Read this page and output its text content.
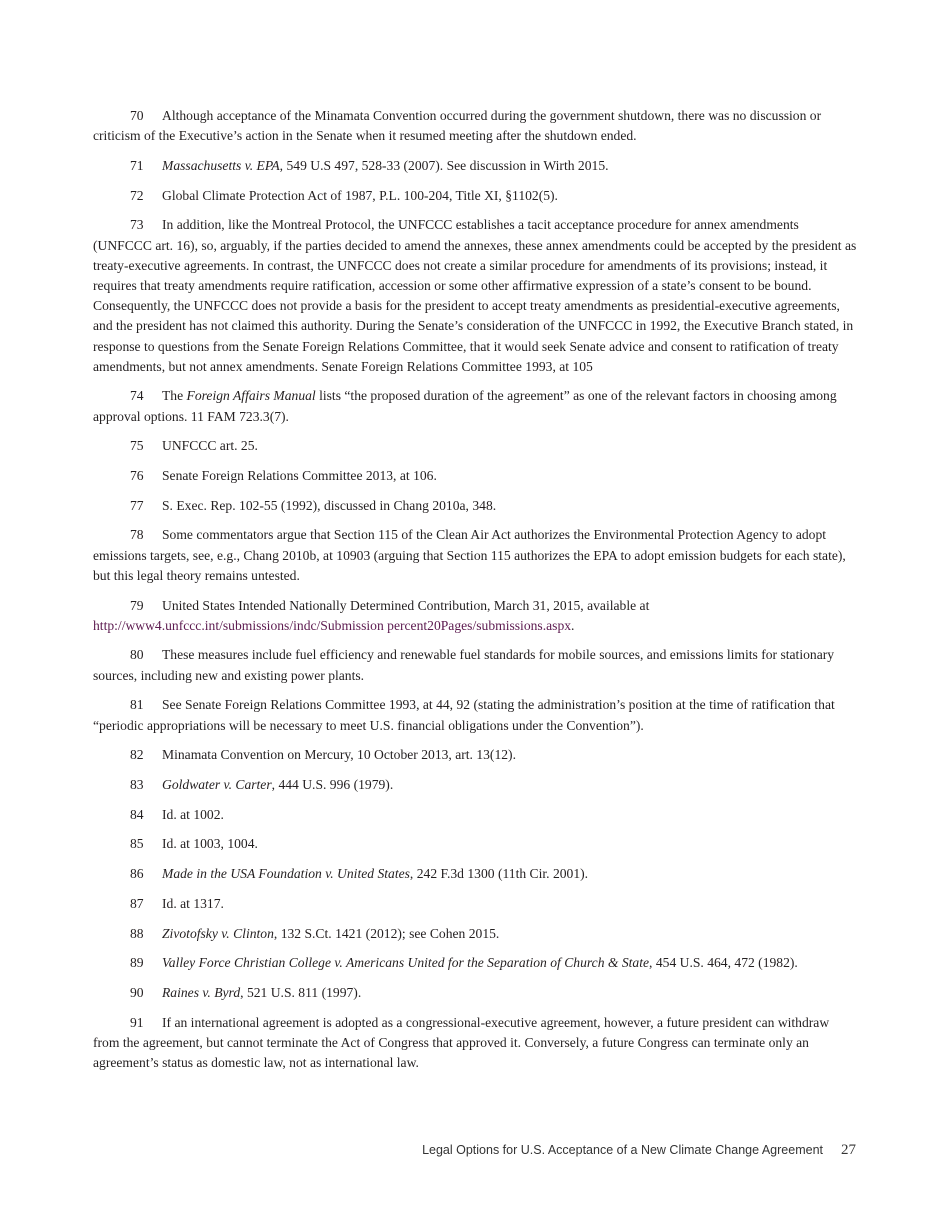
70 Although acceptance of the Minamata Convention occurred during the government shutdown, there was no discussion or criticism of the Executive’s action in the Senate when it resumed meeting after the shutdown ended.

71 Massachusetts v. EPA, 549 U.S 497, 528-33 (2007). See discussion in Wirth 2015.

72 Global Climate Protection Act of 1987, P.L. 100-204, Title XI, §1102(5).

73 In addition, like the Montreal Protocol, the UNFCCC establishes a tacit acceptance procedure for annex amendments (UNFCCC art. 16), so, arguably, if the parties decided to amend the annexes, these annex amendments could be accepted by the president as treaty-executive agreements. In contrast, the UNFCCC does not create a similar procedure for amendments of its provisions; instead, it requires that treaty amendments require ratification, accession or some other affirmative expression of a state’s consent to be bound. Consequently, the UNFCCC does not provide a basis for the president to accept treaty amendments as presidential-executive agreements, and the president has not claimed this authority. During the Senate’s consideration of the UNFCCC in 1992, the Executive Branch stated, in response to questions from the Senate Foreign Relations Committee, that it would seek Senate advice and consent to ratification of treaty amendments, but not annex amendments. Senate Foreign Relations Committee 1993, at 105

74 The Foreign Affairs Manual lists “the proposed duration of the agreement” as one of the relevant factors in choosing among approval options. 11 FAM 723.3(7).

75 UNFCCC art. 25.

76 Senate Foreign Relations Committee 2013, at 106.

77 S. Exec. Rep. 102-55 (1992), discussed in Chang 2010a, 348.

78 Some commentators argue that Section 115 of the Clean Air Act authorizes the Environmental Protection Agency to adopt emissions targets, see, e.g., Chang 2010b, at 10903 (arguing that Section 115 authorizes the EPA to adopt emission budgets for each state), but this legal theory remains untested.

79 United States Intended Nationally Determined Contribution, March 31, 2015, available at http://www4.unfccc.int/submissions/indc/Submission percent20Pages/submissions.aspx.

80 These measures include fuel efficiency and renewable fuel standards for mobile sources, and emissions limits for stationary sources, including new and existing power plants.

81 See Senate Foreign Relations Committee 1993, at 44, 92 (stating the administration’s position at the time of ratification that “periodic appropriations will be necessary to meet U.S. financial obligations under the Convention”).

82 Minamata Convention on Mercury, 10 October 2013, art. 13(12).

83 Goldwater v. Carter, 444 U.S. 996 (1979).

84 Id. at 1002.

85 Id. at 1003, 1004.

86 Made in the USA Foundation v. United States, 242 F.3d 1300 (11th Cir. 2001).

87 Id. at 1317.

88 Zivotofsky v. Clinton, 132 S.Ct. 1421 (2012); see Cohen 2015.

89 Valley Force Christian College v. Americans United for the Separation of Church & State, 454 U.S. 464, 472 (1982).

90 Raines v. Byrd, 521 U.S. 811 (1997).

91 If an international agreement is adopted as a congressional-executive agreement, however, a future president can withdraw from the agreement, but cannot terminate the Act of Congress that approved it. Conversely, a future Congress can terminate only an agreement’s status as domestic law, not as international law.

Legal Options for U.S. Acceptance of a New Climate Change Agreement 27
